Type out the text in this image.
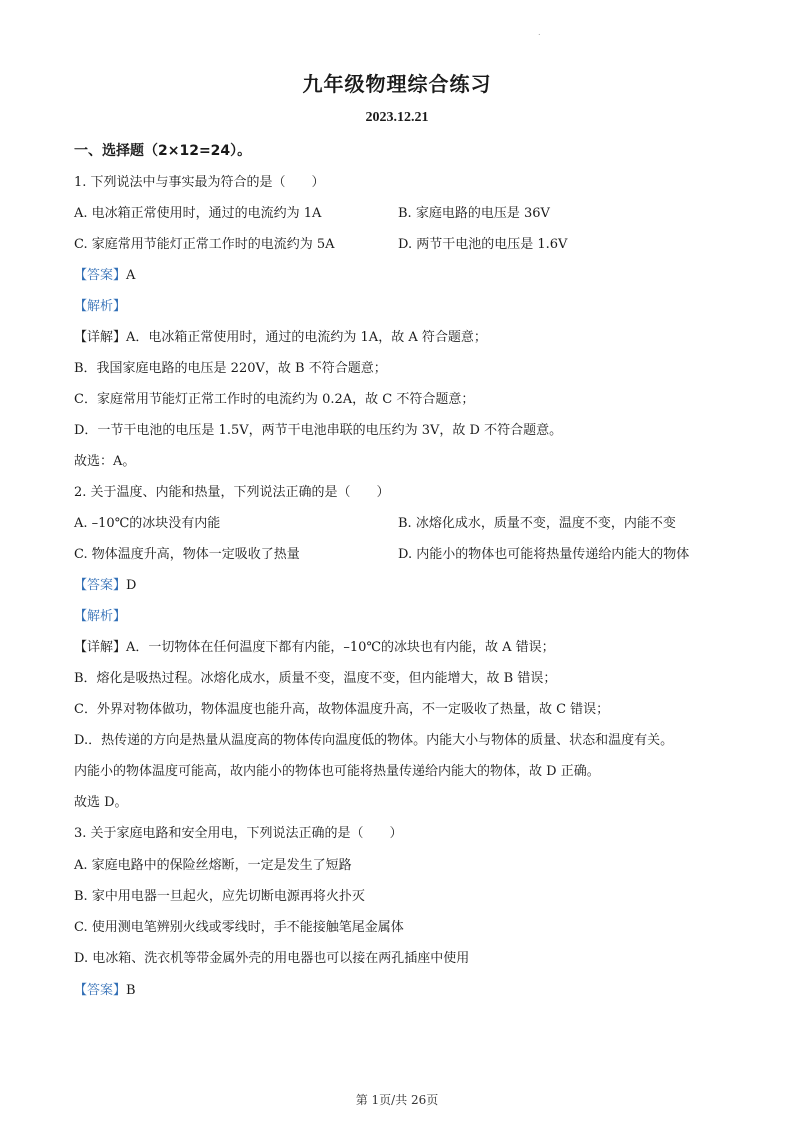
.
九年级物理综合练习
2023.12.21
一、选择题（2×12=24）。
1. 下列说法中与事实最为符合的是（　　）
A. 电冰箱正常使用时，通过的电流约为 1A	B. 家庭电路的电压是 36V
C. 家庭常用节能灯正常工作时的电流约为 5A	D. 两节干电池的电压是 1.6V
【答案】A
【解析】
【详解】A．电冰箱正常使用时，通过的电流约为 1A，故 A 符合题意；
B．我国家庭电路的电压是 220V，故 B 不符合题意；
C．家庭常用节能灯正常工作时的电流约为 0.2A，故 C 不符合题意；
D．一节干电池的电压是 1.5V，两节干电池串联的电压约为 3V，故 D 不符合题意。
故选：A。
2. 关于温度、内能和热量，下列说法正确的是（　　）
A. –10℃的冰块没有内能	B. 冰熔化成水，质量不变，温度不变，内能不变
C. 物体温度升高，物体一定吸收了热量	D. 内能小的物体也可能将热量传递给内能大的物体
【答案】D
【解析】
【详解】A．一切物体在任何温度下都有内能，–10℃的冰块也有内能，故 A 错误；
B．熔化是吸热过程。冰熔化成水，质量不变，温度不变，但内能增大，故 B 错误；
C．外界对物体做功，物体温度也能升高，故物体温度升高，不一定吸收了热量，故 C 错误；
D.．热传递的方向是热量从温度高的物体传向温度低的物体。内能大小与物体的质量、状态和温度有关。
内能小的物体温度可能高，故内能小的物体也可能将热量传递给内能大的物体，故 D 正确。
故选 D。
3. 关于家庭电路和安全用电，下列说法正确的是（　　）
A. 家庭电路中的保险丝熔断，一定是发生了短路
B. 家中用电器一旦起火，应先切断电源再将火扑灭
C. 使用测电笔辨别火线或零线时，手不能接触笔尾金属体
D. 电冰箱、洗衣机等带金属外壳的用电器也可以接在两孔插座中使用
【答案】B
第 1页/共 26页
